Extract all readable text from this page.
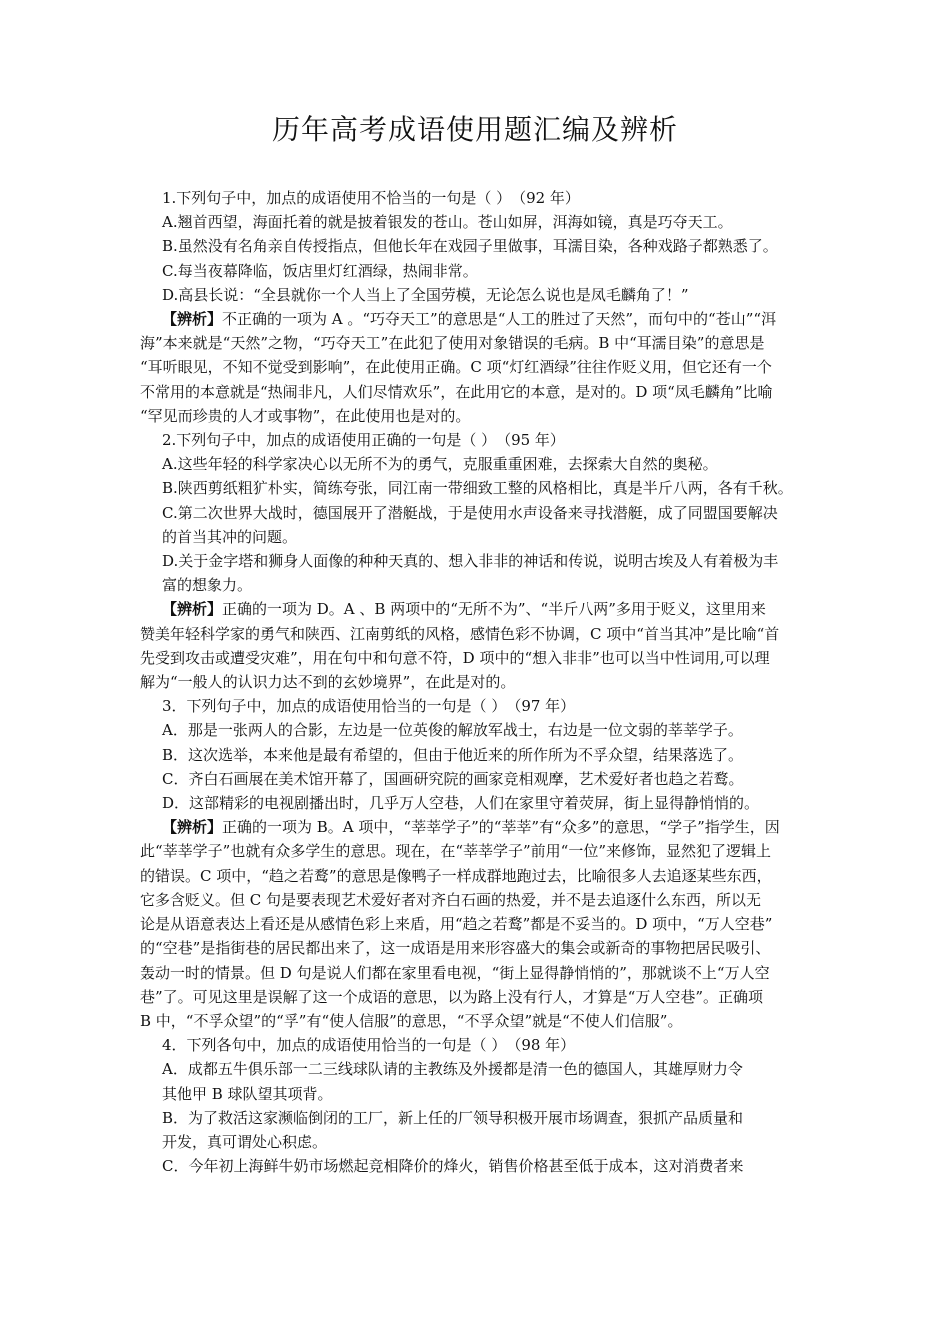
历年高考成语使用题汇编及辨析
1.下列句子中，加点的成语使用不恰当的一句是（ ）　（92 年）
A.翘首西望，海面托着的就是披着银发的苍山。苍山如屏，洱海如镜，真是巧夺天工。
B.虽然没有名角亲自传授指点，但他长年在戏园子里做事，耳濡目染，各种戏路子都熟悉了。
C.每当夜幕降临，饭店里灯红酒绿，热闹非常。
D.高县长说：“全县就你一个人当上了全国劳模，无论怎么说也是凤毛麟角了！”
【辨析】不正确的一项为 A 。“巧夺天工”的意思是“人工的胜过了天然”，而句中的“苍山”“洱
海”本来就是“天然”之物，“巧夺天工”在此犯了使用对象错误的毛病。B 中“耳濡目染”的意思是
“耳听眼见，不知不觉受到影响”，在此使用正确。C 项“灯红酒绿”往往作贬义用，但它还有一个
不常用的本意就是“热闹非凡，人们尽情欢乐”，在此用它的本意，是对的。D 项“凤毛麟角”比喻
“罕见而珍贵的人才或事物”，在此使用也是对的。
2.下列句子中，加点的成语使用正确的一句是（ ）　（95 年）
A.这些年轻的科学家决心以无所不为的勇气，克服重重困难，去探索大自然的奥秘。
B.陕西剪纸粗犷朴实，简练夸张，同江南一带细致工整的风格相比，真是半斤八两，各有千秋。
C.第二次世界大战时，德国展开了潜艇战，于是使用水声设备来寻找潜艇，成了同盟国要解决
的首当其冲的问题。
D.关于金字塔和狮身人面像的种种天真的、想入非非的神话和传说，说明古埃及人有着极为丰
富的想象力。
【辨析】正确的一项为 D。A 、B 两项中的“无所不为”、“半斤八两”多用于贬义，这里用来
赞美年轻科学家的勇气和陕西、江南剪纸的风格，感情色彩不协调，C 项中“首当其冲”是比喻“首
先受到攻击或遭受灾难”，用在句中和句意不符，D 项中的“想入非非”也可以当中性词用,可以理
解为“一般人的认识力达不到的玄妙境界”，在此是对的。
3．下列句子中，加点的成语使用恰当的一句是（ ）　（97 年）
A．那是一张两人的合影，左边是一位英俊的解放军战士，右边是一位文弱的莘莘学子。
B．这次选举，本来他是最有希望的，但由于他近来的所作所为不孚众望，结果落选了。
C．齐白石画展在美术馆开幕了，国画研究院的画家竞相观摩，艺术爱好者也趋之若鹜。
D．这部精彩的电视剧播出时，几乎万人空巷，人们在家里守着荧屏，街上显得静悄悄的。
【辨析】正确的一项为 B。A 项中，“莘莘学子”的“莘莘”有“众多”的意思，“学子”指学生，因
此“莘莘学子”也就有众多学生的意思。现在，在“莘莘学子”前用“一位”来修饰，显然犯了逻辑上
的错误。C 项中，“趋之若鹜”的意思是像鸭子一样成群地跑过去，比喻很多人去追逐某些东西，
它多含贬义。但 C 句是要表现艺术爱好者对齐白石画的热爱，并不是去追逐什么东西，所以无
论是从语意表达上看还是从感情色彩上来盾，用“趋之若鹜”都是不妥当的。D 项中，“万人空巷”
的“空巷”是指街巷的居民都出来了，这一成语是用来形容盛大的集会或新奇的事物把居民吸引、
轰动一时的情景。但 D 句是说人们都在家里看电视，“街上显得静悄悄的”，那就谈不上“万人空
巷”了。可见这里是误解了这一个成语的意思，以为路上没有行人，才算是“万人空巷”。正确项
B 中，“不孚众望”的“孚”有“使人信服”的意思，“不孚众望”就是“不使人们信服”。
4．下列各句中，加点的成语使用恰当的一句是（ ）　（98 年）
A．成都五牛俱乐部一二三线球队请的主教练及外援都是清一色的德国人，其雄厚财力令
其他甲 B 球队望其项背。
B．为了救活这家濒临倒闭的工厂，新上任的厂领导积极开展市场调查，狠抓产品质量和
开发，真可谓处心积虑。
C．今年初上海鲜牛奶市场燃起竞相降价的烽火，销售价格甚至低于成本，这对消费者来
